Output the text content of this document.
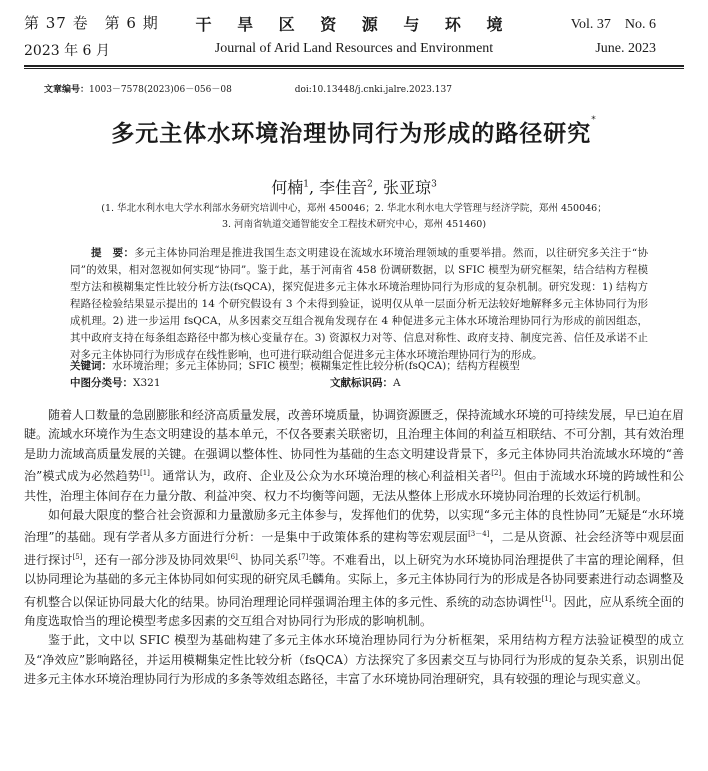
第 37 卷　第 6 期
2023 年 6 月
干 旱 区 资 源 与 环 境
Journal of Arid Land Resources and Environment
Vol. 37　No. 6
June. 2023
文章编号：1003－7578(2023)06－056－08	doi:10.13448/j.cnki.jalre.2023.137
多元主体水环境治理协同行为形成的路径研究*
何楠$^1$, 李佳音$^2$, 张亚琼$^3$
(1. 华北水利水电大学水利部水务研究培训中心，郑州 450046；2. 华北水利水电大学管理与经济学院，郑州 450046；
3. 河南省轨道交通智能安全工程技术研究中心，郑州 451460)
提　要：多元主体协同治理是推进我国生态文明建设在流域水环境治理领域的重要举措。然而，以往研究多关注于“协同”的效果，相对忽视如何实现“协同”。鉴于此，基于河南省 458 份调研数据，以 SFIC 模型为研究框架，结合结构方程模型方法和模糊集定性比较分析方法(fsQCA)，探究促进多元主体水环境治理协同行为形成的复杂机制。研究发现：1) 结构方程路径检验结果显示提出的 14 个研究假设有 3 个未得到验证，说明仅从单一层面分析无法较好地解释多元主体协同行为形成机理。2) 进一步运用 fsQCA，从多因素交互组合视角发现存在 4 种促进多元主体水环境治理协同行为形成的前因组态，其中政府支持在每条组态路径中都为核心变量存在。3) 资源权力对等、信息对称性、政府支持、制度完善、信任及承诺不止对多元主体协同行为形成存在线性影响，也可进行联动组合促进多元主体水环境治理协同行为的形成。
关键词：水环境治理；多元主体协同；SFIC 模型；模糊集定性比较分析(fsQCA)；结构方程模型
中图分类号：X321	文献标识码：A

随着人口数量的急剧膨胀和经济高质量发展，改善环境质量，协调资源匮乏，保持流域水环境的可持续发展，早已迫在眉睫。流域水环境作为生态文明建设的基本单元，不仅各要素关联密切，且治理主体间的利益互相联结、不可分割，其有效治理是助力流域高质量发展的关键。在强调以整体性、协同性为基础的生态文明建设背景下，多元主体协同共治流域水环境的“善治”模式成为必然趋势[1]。通常认为，政府、企业及公众为水环境治理的核心利益相关者[2]。但由于流域水环境的跨域性和公共性，治理主体间存在力量分散、利益冲突、权力不均衡等问题，无法从整体上形成水环境协同治理的长效运行机制。

如何最大限度的整合社会资源和力量激励多元主体参与，发挥他们的优势，以实现“多元主体的良性协同”无疑是“水环境治理”的基础。现有学者从多方面进行分析：一是集中于政策体系的建构等宏观层面[3－4]，二是从资源、社会经济等中观层面进行探讨[5]，还有一部分涉及协同效果[6]、协同关系[7]等。不难看出，以上研究为水环境协同治理提供了丰富的理论阐释，但以协同理论为基础的多元主体协同如何实现的研究凤毛麟角。实际上，多元主体协同行为的形成是各协同要素进行动态调整及有机整合以保证协同最大化的结果。协同治理理论同样强调治理主体的多元性、系统的动态协调性[1]。因此，应从系统全面的角度选取恰当的理论模型考虑多因素的交互组合对协同行为形成的影响机制。

鉴于此，文中以 SFIC 模型为基础构建了多元主体水环境治理协同行为分析框架，采用结构方程方法验证模型的成立及“净效应”影响路径，并运用模糊集定性比较分析（fsQCA）方法探究了多因素交互与协同行为形成的复杂关系，识别出促进多元主体水环境治理协同行为形成的多条等效组态路径，丰富了水环境协同治理研究，具有较强的理论与现实意义。
